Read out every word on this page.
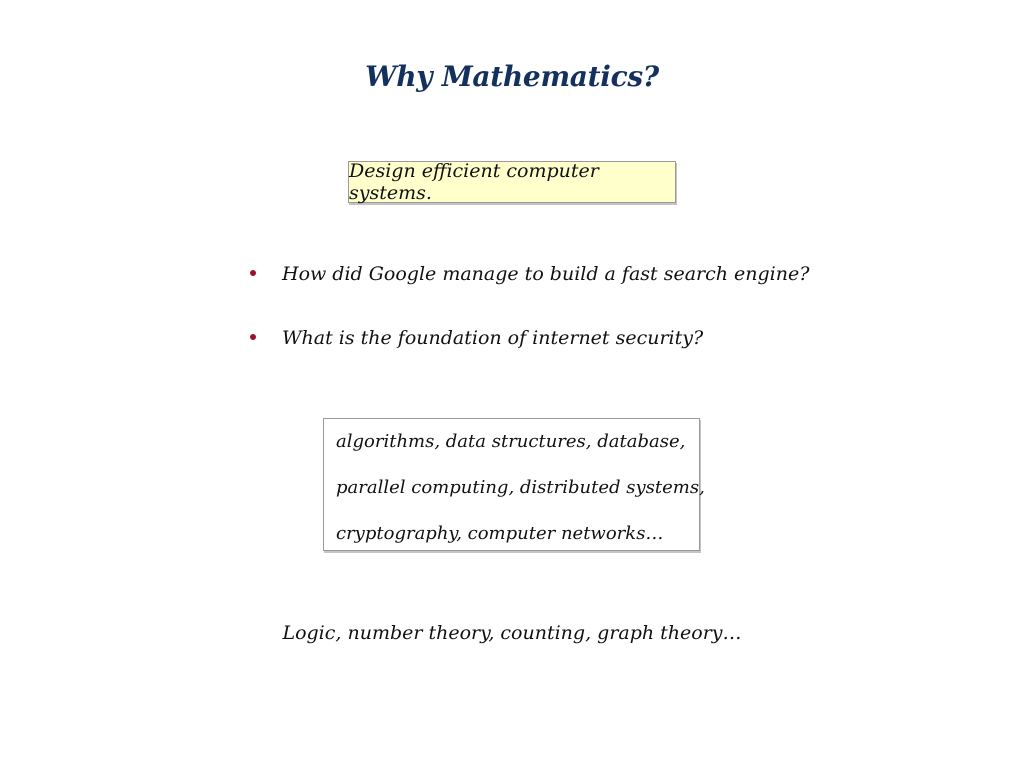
Why Mathematics?
Design efficient computer systems.
How did Google manage to build a fast search engine?
What is the foundation of internet security?
algorithms, data structures, database,
parallel computing, distributed systems,
cryptography, computer networks…
Logic, number theory, counting, graph theory…
